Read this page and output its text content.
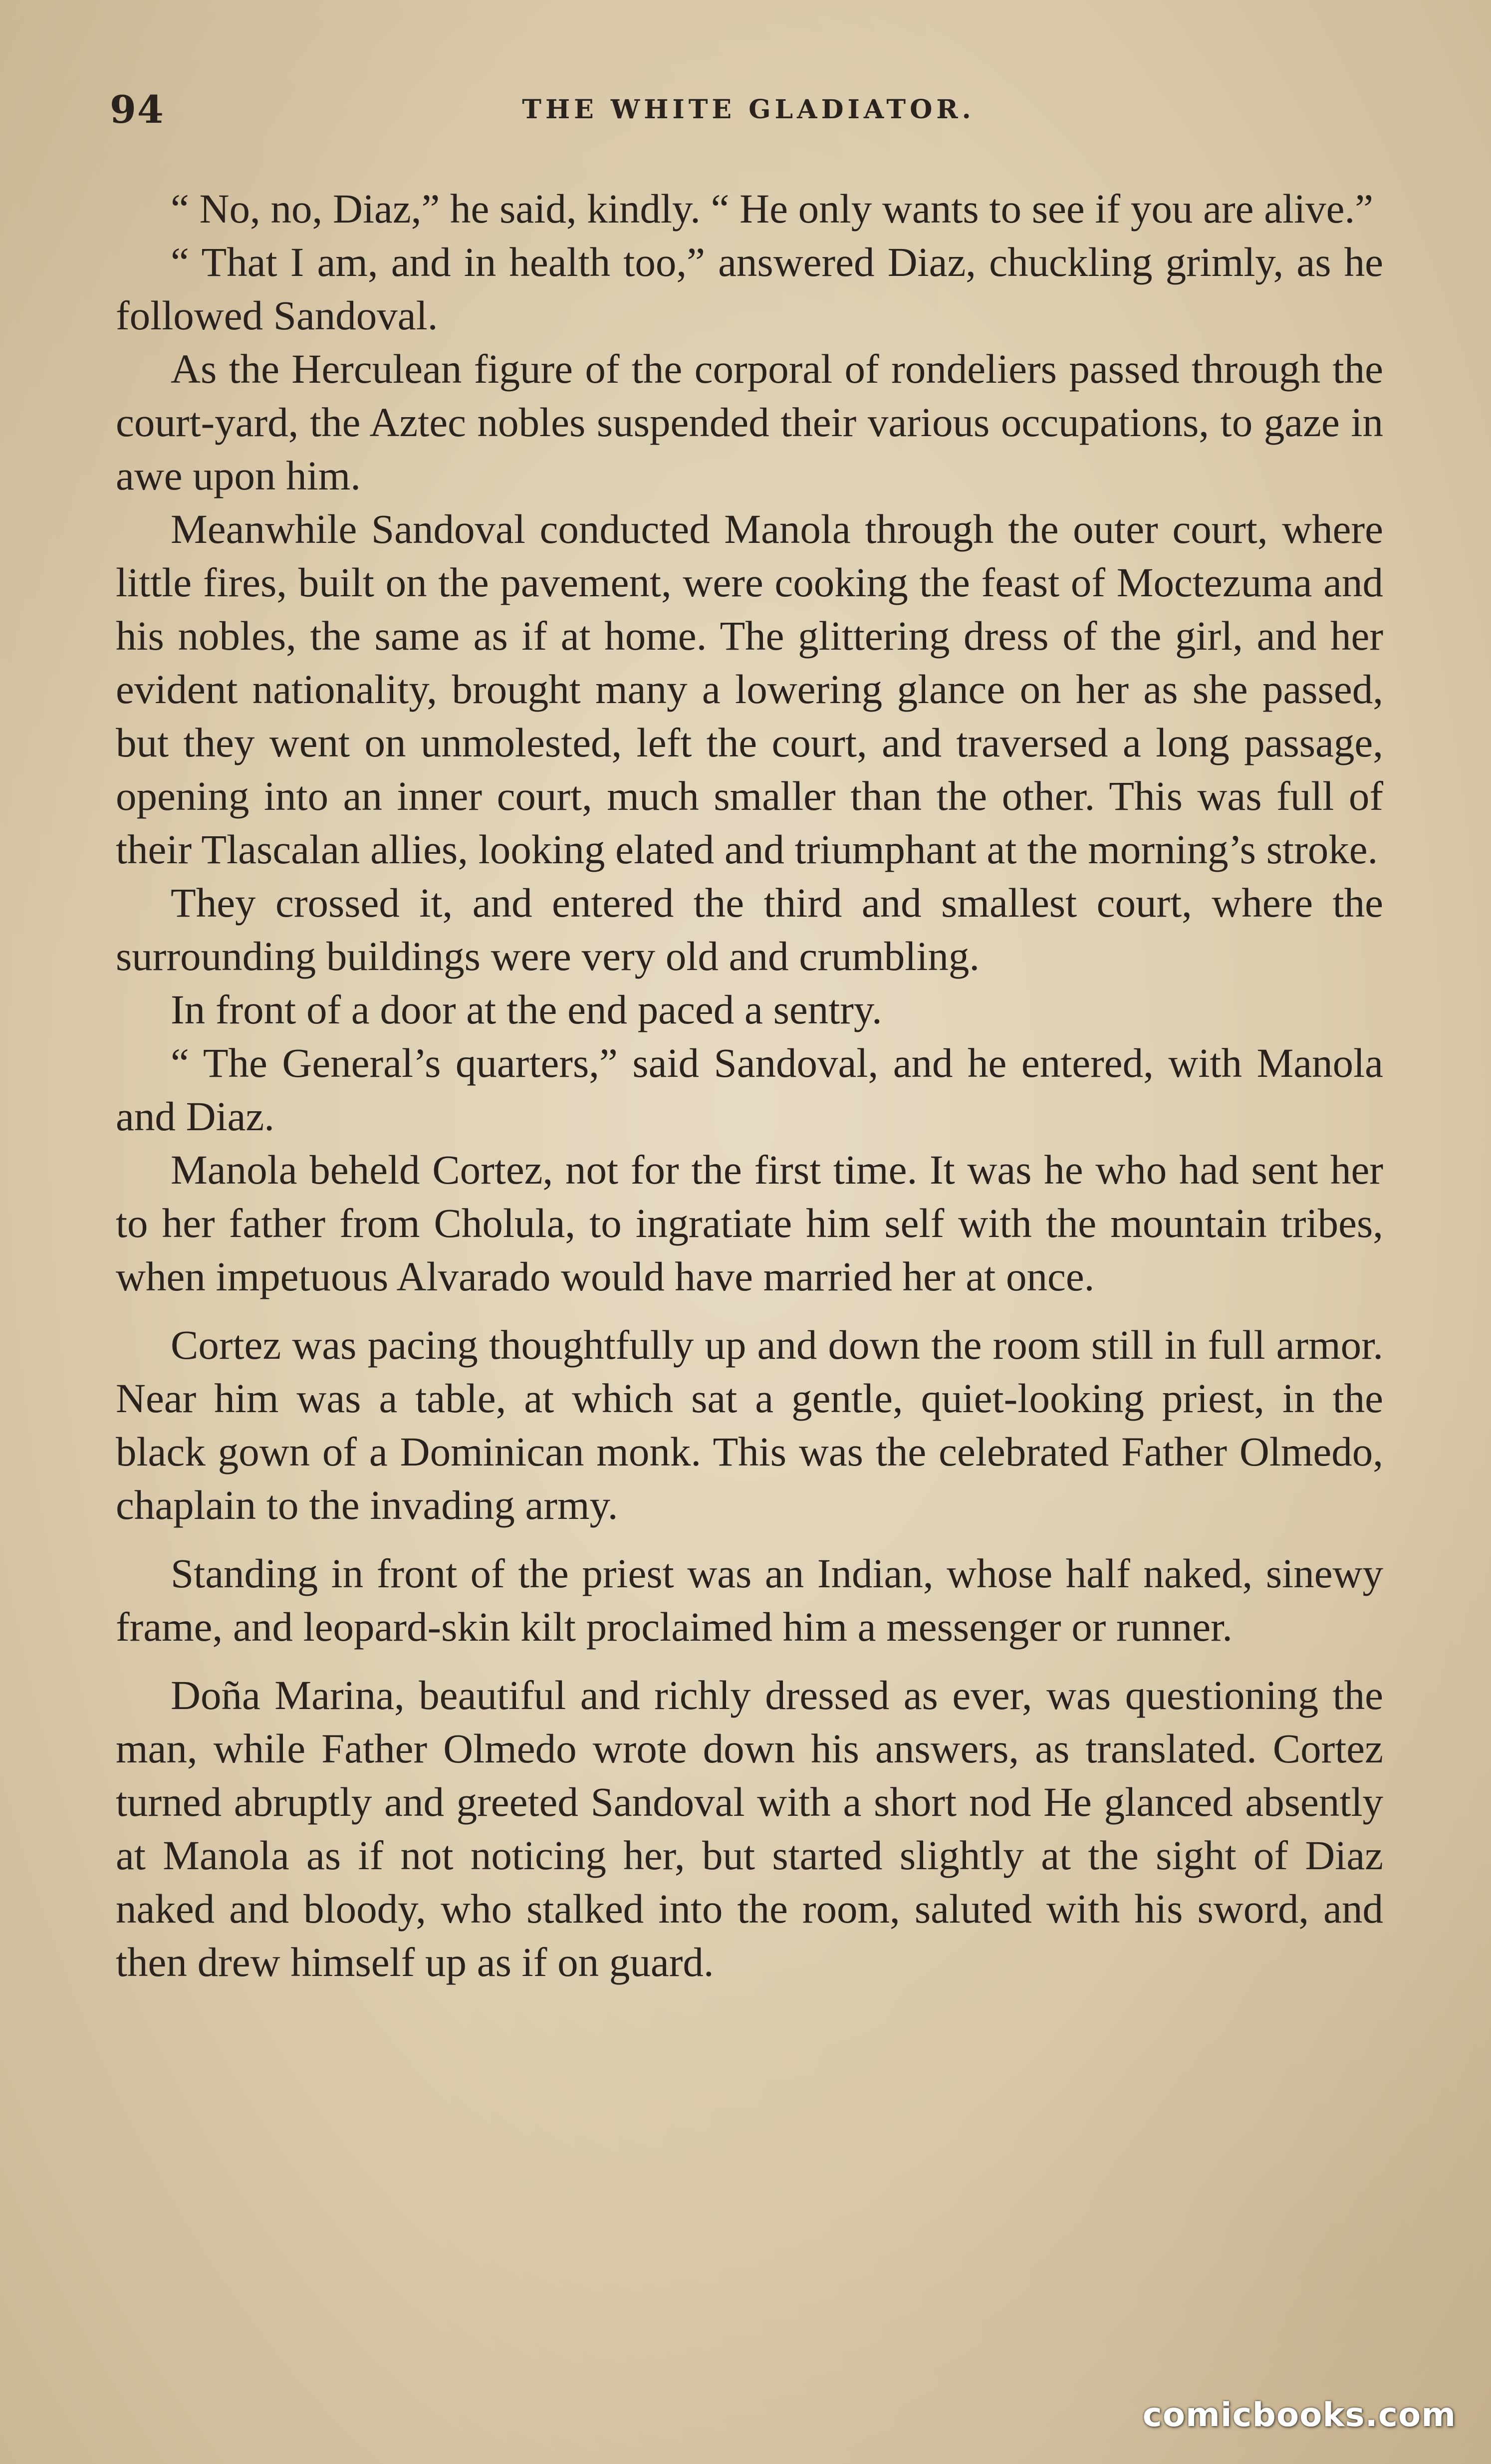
94	THE WHITE GLADIATOR.

“ No, no, Diaz,” he said, kindly. “ He only wants to see if you are alive.”

“ That I am, and in health too,” answered Diaz, chuckling grimly, as he followed Sandoval.

As the Herculean figure of the corporal of rondeliers passed through the court-yard, the Aztec nobles suspended their various occupations, to gaze in awe upon him.

Meanwhile Sandoval conducted Manola through the outer court, where little fires, built on the pavement, were cooking the feast of Moctezuma and his nobles, the same as if at home. The glittering dress of the girl, and her evident nationality, brought many a lowering glance on her as she passed, but they went on unmolested, left the court, and traversed a long passage, opening into an inner court, much smaller than the other. This was full of their Tlascalan allies, looking elated and triumphant at the morning’s stroke.

They crossed it, and entered the third and smallest court, where the surrounding buildings were very old and crumbling.

In front of a door at the end paced a sentry.

“ The General’s quarters,” said Sandoval, and he entered, with Manola and Diaz.

Manola beheld Cortez, not for the first time. It was he who had sent her to her father from Cholula, to ingratiate him self with the mountain tribes, when impetuous Alvarado would have married her at once.

Cortez was pacing thoughtfully up and down the room still in full armor. Near him was a table, at which sat a gentle, quiet-looking priest, in the black gown of a Dominican monk. This was the celebrated Father Olmedo, chaplain to the invading army.

Standing in front of the priest was an Indian, whose half naked, sinewy frame, and leopard-skin kilt proclaimed him a messenger or runner.

Doña Marina, beautiful and richly dressed as ever, was questioning the man, while Father Olmedo wrote down his answers, as translated. Cortez turned abruptly and greeted Sandoval with a short nod He glanced absently at Manola as if not noticing her, but started slightly at the sight of Diaz naked and bloody, who stalked into the room, saluted with his sword, and then drew himself up as if on guard.

comicbooks.com
